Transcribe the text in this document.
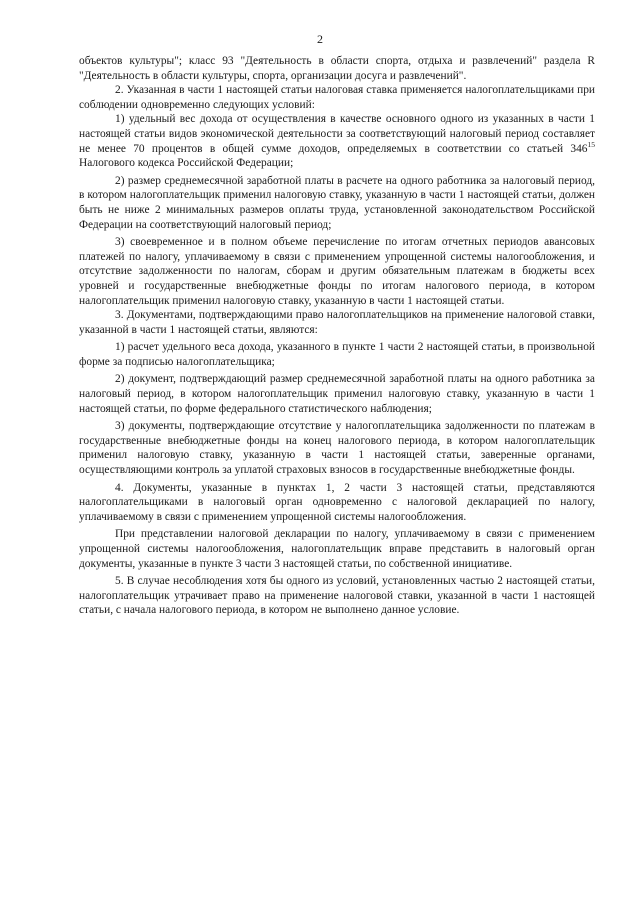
2

объектов культуры"; класс 93 "Деятельность в области спорта, отдыха и развлечений" раздела R "Деятельность в области культуры, спорта, организации досуга и развлечений".

2. Указанная в части 1 настоящей статьи налоговая ставка применяется налогоплательщиками при соблюдении одновременно следующих условий:

1) удельный вес дохода от осуществления в качестве основного одного из указанных в части 1 настоящей статьи видов экономической деятельности за соответствующий налоговый период составляет не менее 70 процентов в общей сумме доходов, определяемых в соответствии со статьей $346^{15}$ Налогового кодекса Российской Федерации;

2) размер среднемесячной заработной платы в расчете на одного работника за налоговый период, в котором налогоплательщик применил налоговую ставку, указанную в части 1 настоящей статьи, должен быть не ниже 2 минимальных размеров оплаты труда, установленной законодательством Российской Федерации на соответствующий налоговый период;

3) своевременное и в полном объеме перечисление по итогам отчетных периодов авансовых платежей по налогу, уплачиваемому в связи с применением упрощенной системы налогообложения, и отсутствие задолженности по налогам, сборам и другим обязательным платежам в бюджеты всех уровней и государственные внебюджетные фонды по итогам налогового периода, в котором налогоплательщик применил налоговую ставку, указанную в части 1 настоящей статьи.

3. Документами, подтверждающими право налогоплательщиков на применение налоговой ставки, указанной в части 1 настоящей статьи, являются:

1) расчет удельного веса дохода, указанного в пункте 1 части 2 настоящей статьи, в произвольной форме за подписью налогоплательщика;

2) документ, подтверждающий размер среднемесячной заработной платы на одного работника за налоговый период, в котором налогоплательщик применил налоговую ставку, указанную в части 1 настоящей статьи, по форме федерального статистического наблюдения;

3) документы, подтверждающие отсутствие у налогоплательщика задолженности по платежам в государственные внебюджетные фонды на конец налогового периода, в котором налогоплательщик применил налоговую ставку, указанную в части 1 настоящей статьи, заверенные органами, осуществляющими контроль за уплатой страховых взносов в государственные внебюджетные фонды.

4. Документы, указанные в пунктах 1, 2 части 3 настоящей статьи, представляются налогоплательщиками в налоговый орган одновременно с налоговой декларацией по налогу, уплачиваемому в связи с применением упрощенной системы налогообложения.

При представлении налоговой декларации по налогу, уплачиваемому в связи с применением упрощенной системы налогообложения, налогоплательщик вправе представить в налоговый орган документы, указанные в пункте 3 части 3 настоящей статьи, по собственной инициативе.

5. В случае несоблюдения хотя бы одного из условий, установленных частью 2 настоящей статьи, налогоплательщик утрачивает право на применение налоговой ставки, указанной в части 1 настоящей статьи, с начала налогового периода, в котором не выполнено данное условие.
